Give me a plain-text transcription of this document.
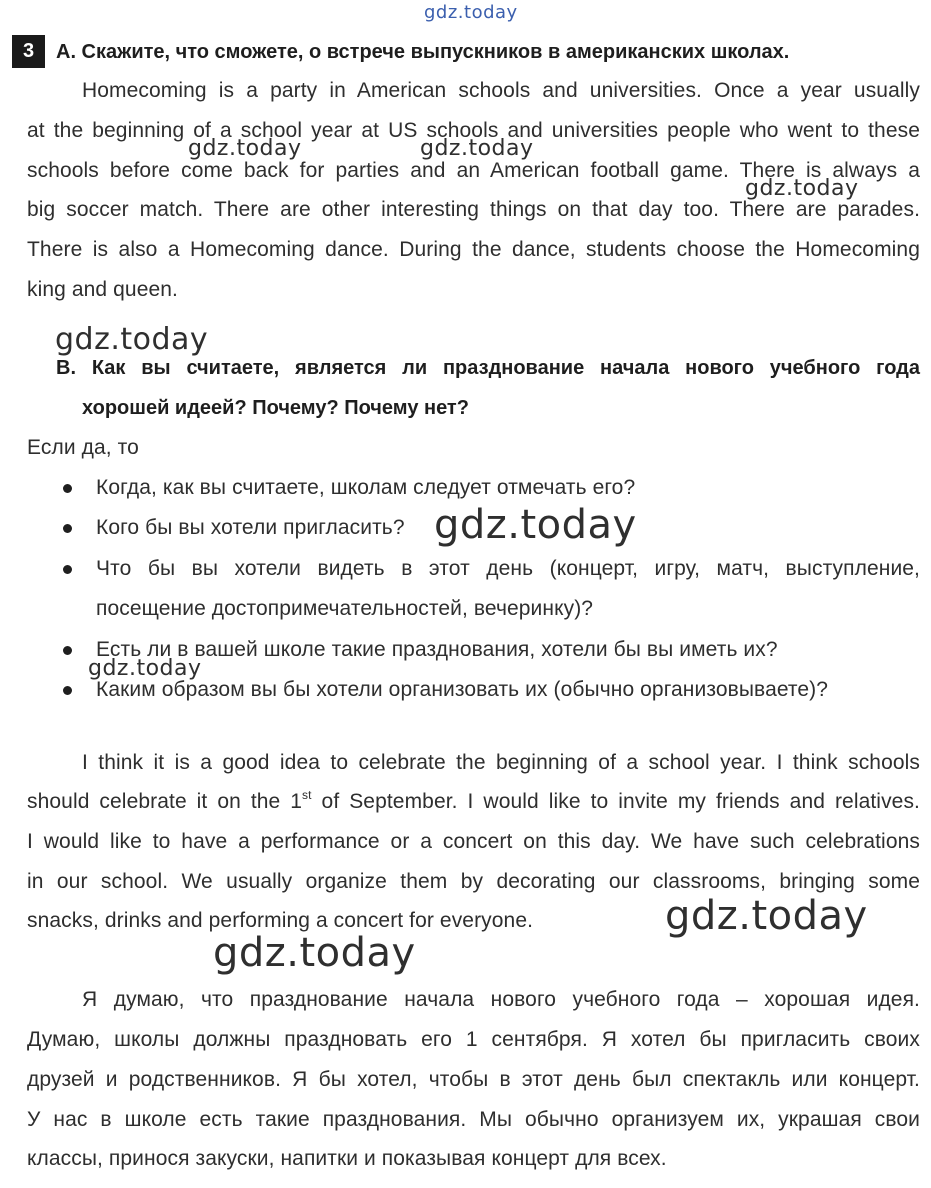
gdz.today
3	А. Скажите, что сможете, о встрече выпускников в американских школах.
Homecoming is a party in American schools and universities. Once a year usually
at the beginning of a school year at US schools and universities people who went to these
schools before come back for parties and an American football game. There is always a
big soccer match. There are other interesting things on that day too. There are parades.
There is also a Homecoming dance. During the dance, students choose the Homecoming
king and queen.
gdz.today	gdz.today
gdz.today
gdz.today
В. Как вы считаете, является ли празднование начала нового учебного года
хорошей идеей? Почему? Почему нет?
Если да, то
Когда, как вы считаете, школам следует отмечать его?
Кого бы вы хотели пригласить?
Что бы вы хотели видеть в этот день (концерт, игру, матч, выступление,
посещение достопримечательностей, вечеринку)?
Есть ли в вашей школе такие празднования, хотели бы вы иметь их?
Каким образом вы бы хотели организовать их (обычно организовываете)?
gdz.today
gdz.today
I think it is a good idea to celebrate the beginning of a school year. I think schools
should celebrate it on the 1st of September. I would like to invite my friends and relatives.
I would like to have a performance or a concert on this day. We have such celebrations
in our school. We usually organize them by decorating our classrooms, bringing some
snacks, drinks and performing a concert for everyone.	gdz.today
gdz.today
Я думаю, что празднование начала нового учебного года – хорошая идея.
Думаю, школы должны праздновать его 1 сентября. Я хотел бы пригласить своих
друзей и родственников. Я бы хотел, чтобы в этот день был спектакль или концерт.
У нас в школе есть такие празднования. Мы обычно организуем их, украшая свои
классы, принося закуски, напитки и показывая концерт для всех.
